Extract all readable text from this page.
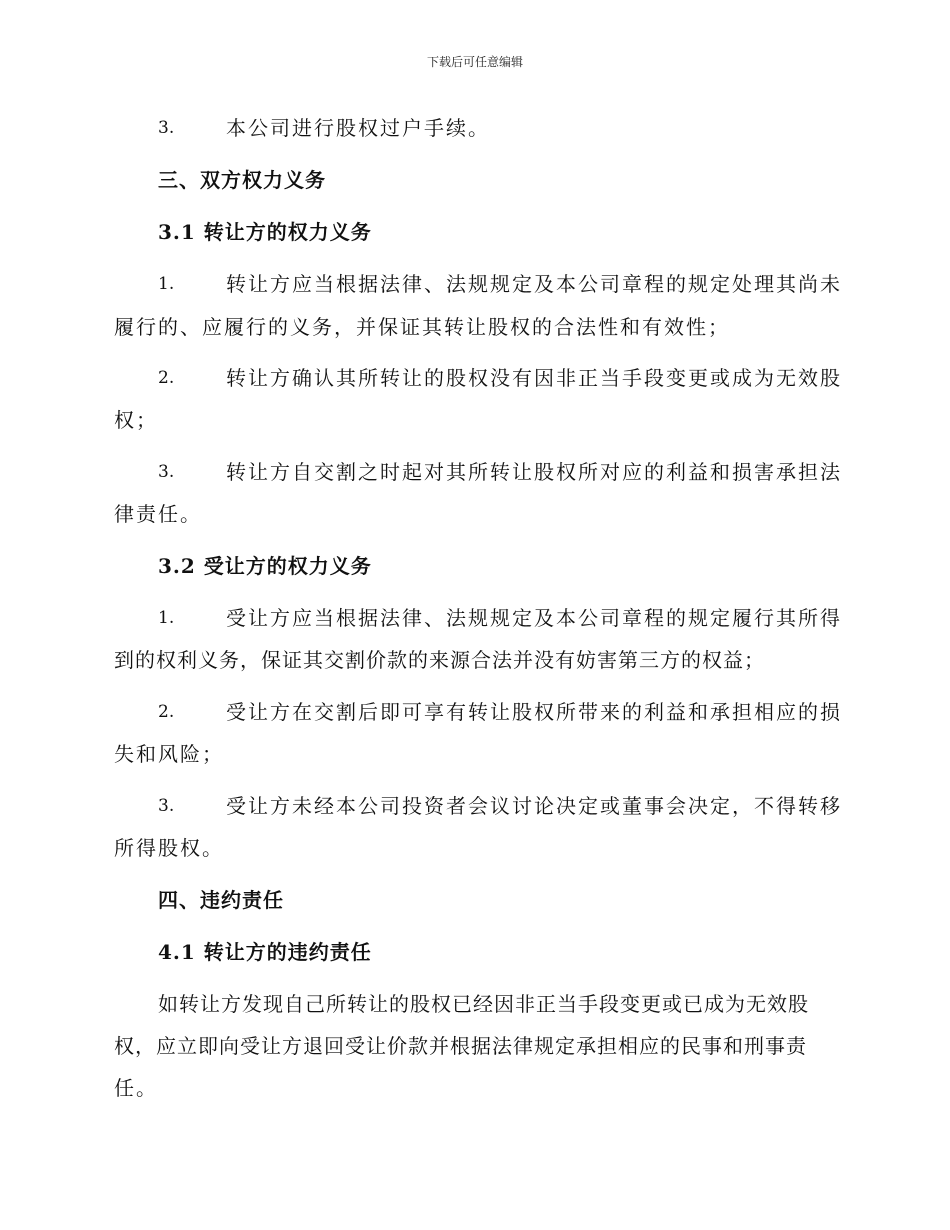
下载后可任意编辑
3.	本公司进行股权过户手续。
三、双方权力义务
3.1 转让方的权力义务
1.	转让方应当根据法律、法规规定及本公司章程的规定处理其尚未
履行的、应履行的义务，并保证其转让股权的合法性和有效性；
2.	转让方确认其所转让的股权没有因非正当手段变更或成为无效股
权；
3.	转让方自交割之时起对其所转让股权所对应的利益和损害承担法
律责任。
3.2 受让方的权力义务
1.	受让方应当根据法律、法规规定及本公司章程的规定履行其所得
到的权利义务，保证其交割价款的来源合法并没有妨害第三方的权益；
2.	受让方在交割后即可享有转让股权所带来的利益和承担相应的损
失和风险；
3.	受让方未经本公司投资者会议讨论决定或董事会决定，不得转移
所得股权。
四、违约责任
4.1 转让方的违约责任
如转让方发现自己所转让的股权已经因非正当手段变更或已成为无效股
权，应立即向受让方退回受让价款并根据法律规定承担相应的民事和刑事责
任。
